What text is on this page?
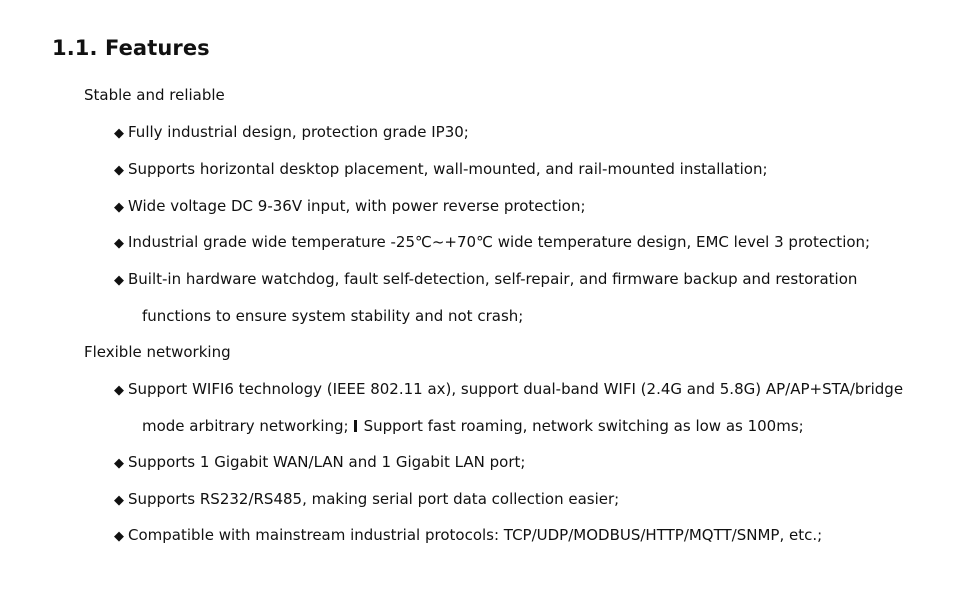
1.1. Features
Stable and reliable
◆ Fully industrial design, protection grade IP30;
◆ Supports horizontal desktop placement, wall-mounted, and rail-mounted installation;
◆ Wide voltage DC 9-36V input, with power reverse protection;
◆ Industrial grade wide temperature -25℃~+70℃ wide temperature design, EMC level 3 protection;
◆ Built-in hardware watchdog, fault self-detection, self-repair, and firmware backup and restoration
functions to ensure system stability and not crash;
Flexible networking
◆ Support WIFI6 technology (IEEE 802.11 ax), support dual-band WIFI (2.4G and 5.8G) AP/AP+STA/bridge
mode arbitrary networking; Support fast roaming, network switching as low as 100ms;
◆ Supports 1 Gigabit WAN/LAN and 1 Gigabit LAN port;
◆ Supports RS232/RS485, making serial port data collection easier;
◆ Compatible with mainstream industrial protocols: TCP/UDP/MODBUS/HTTP/MQTT/SNMP, etc.;
